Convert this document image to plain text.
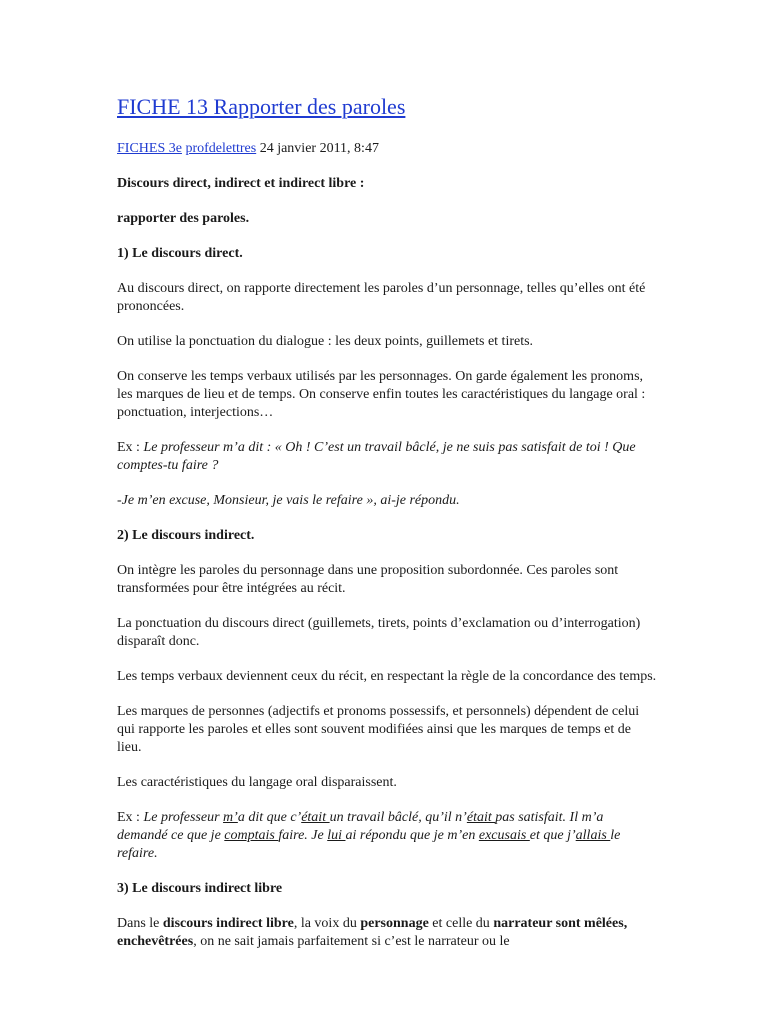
FICHE 13 Rapporter des paroles
FICHES 3e profdelettres 24 janvier 2011, 8:47

Discours direct, indirect et indirect libre :

rapporter des paroles.

1) Le discours direct.

Au discours direct, on rapporte directement les paroles d’un personnage, telles qu’elles ont été prononcées.

On utilise la ponctuation du dialogue : les deux points, guillemets et tirets.

On conserve les temps verbaux utilisés par les personnages. On garde également les pronoms, les marques de lieu et de temps. On conserve enfin toutes les caractéristiques du langage oral : ponctuation, interjections…

Ex : Le professeur m’a dit : « Oh ! C’est un travail bâclé, je ne suis pas satisfait de toi ! Que comptes-tu faire ?

-Je m’en excuse, Monsieur, je vais le refaire », ai-je répondu.

2) Le discours indirect.

On intègre les paroles du personnage dans une proposition subordonnée. Ces paroles sont transformées pour être intégrées au récit.

La ponctuation du discours direct (guillemets, tirets, points d’exclamation ou d’interrogation) disparaît donc.

Les temps verbaux deviennent ceux du récit, en respectant la règle de la concordance des temps.

Les marques de personnes (adjectifs et pronoms possessifs, et personnels) dépendent de celui qui rapporte les paroles et elles sont souvent modifiées ainsi que les marques de temps et de lieu.

Les caractéristiques du langage oral disparaissent.

Ex : Le professeur m’a dit que c’était un travail bâclé, qu’il n’était pas satisfait. Il m’a demandé ce que je comptais faire. Je lui ai répondu que je m’en excusais et que j’allais le refaire.

3) Le discours indirect libre

Dans le discours indirect libre, la voix du personnage et celle du narrateur sont mêlées, enchevêtrées, on ne sait jamais parfaitement si c’est le narrateur ou le
